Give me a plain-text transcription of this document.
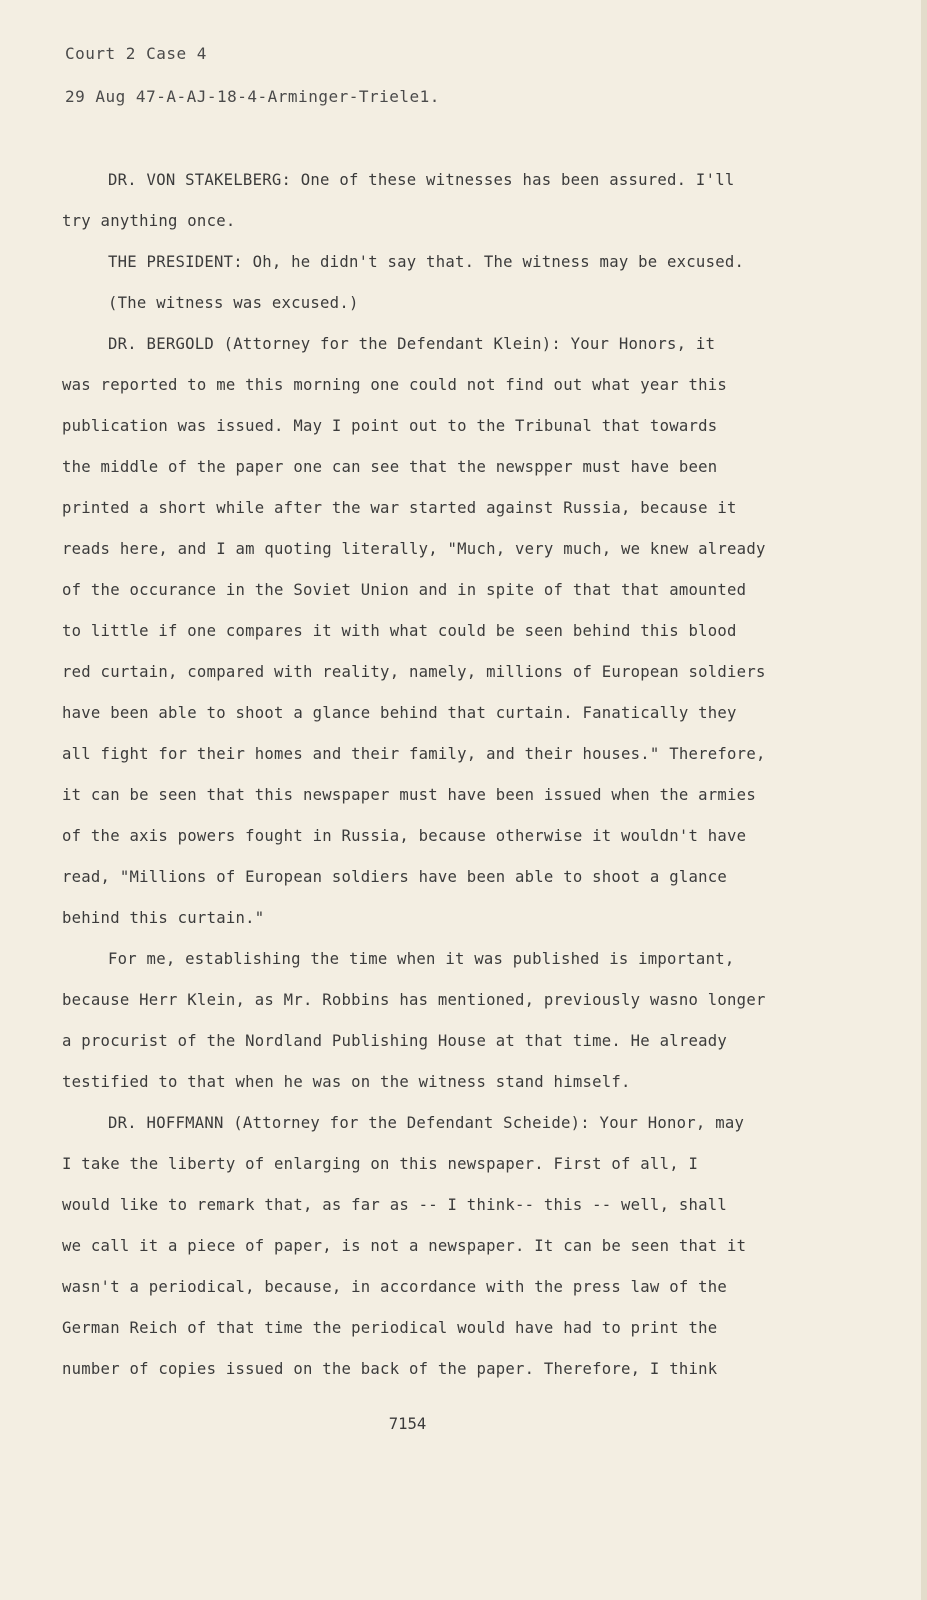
Court 2 Case 4
29 Aug 47-A-AJ-18-4-Arminger-Triele1.
DR. VON STAKELBERG: One of these witnesses has been assured. I'll
try anything once.
THE PRESIDENT: Oh, he didn't say that. The witness may be excused.
(The witness was excused.)
DR. BERGOLD (Attorney for the Defendant Klein): Your Honors, it
was reported to me this morning one could not find out what year this
publication was issued. May I point out to the Tribunal that towards
the middle of the paper one can see that the newspper must have been
printed a short while after the war started against Russia, because it
reads here, and I am quoting literally, "Much, very much, we knew already
of the occurance in the Soviet Union and in spite of that that amounted
to little if one compares it with what could be seen behind this blood
red curtain, compared with reality, namely, millions of European soldiers
have been able to shoot a glance behind that curtain. Fanatically they
all fight for their homes and their family, and their houses." Therefore,
it can be seen that this newspaper must have been issued when the armies
of the axis powers fought in Russia, because otherwise it wouldn't have
read, "Millions of European soldiers have been able to shoot a glance
behind this curtain."
For me, establishing the time when it was published is important,
because Herr Klein, as Mr. Robbins has mentioned, previously wasno longer
a procurist of the Nordland Publishing House at that time. He already
testified to that when he was on the witness stand himself.
DR. HOFFMANN (Attorney for the Defendant Scheide): Your Honor, may
I take the liberty of enlarging on this newspaper. First of all, I
would like to remark that, as far as -- I think-- this -- well, shall
we call it a piece of paper, is not a newspaper. It can be seen that it
wasn't a periodical, because, in accordance with the press law of the
German Reich of that time the periodical would have had to print the
number of copies issued on the back of the paper. Therefore, I think
7154
